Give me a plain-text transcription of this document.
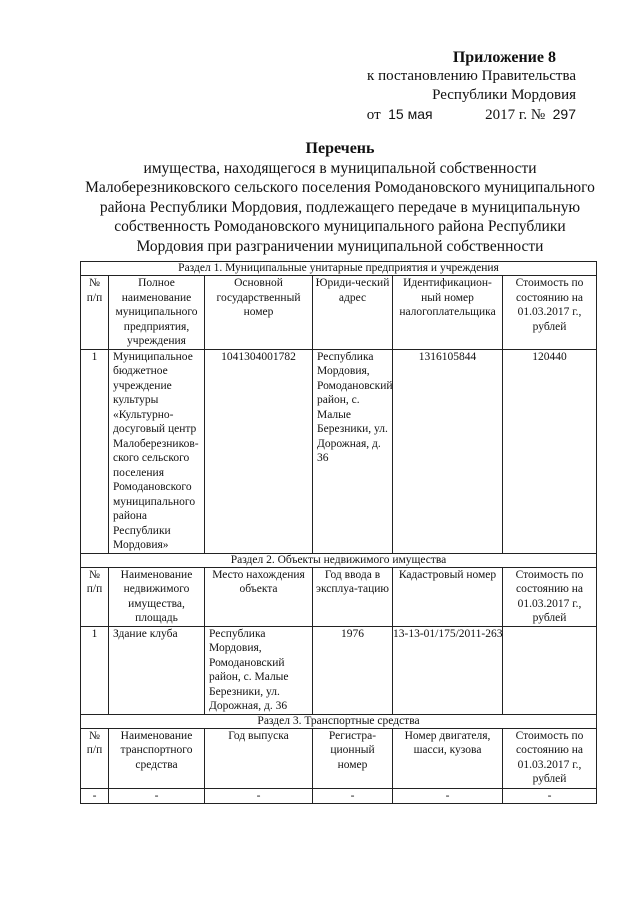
Приложение 8
к постановлению Правительства
Республики Мордовия
от 15 мая	2017 г. № 297
Перечень
имущества, находящегося в муниципальной собственности
Малоберезниковского сельского поселения Ромодановского муниципального
района Республики Мордовия, подлежащего передаче в муниципальную
собственность Ромодановского муниципального района Республики
Мордовия при разграничении муниципальной собственности
Раздел 1. Муниципальные унитарные предприятия и учреждения					
№ п/п	Полное наименование муниципального предприятия, учреждения	Основной государственный номер	Юриди-ческий адрес	Идентификацион-ный номер налогоплательщика	Стоимость по состоянию на 01.03.2017 г., рублей
1	Муниципальное бюджетное учреждение культуры «Культурно-досуговый центр Малоберезников-ского сельского поселения Ромодановского муниципального района Республики Мордовия»	1041304001782	Республика Мордовия, Ромодановский район, с. Малые Березники, ул. Дорожная, д. 36	1316105844	120440
Раздел 2. Объекты недвижимого имущества					
№ п/п	Наименование недвижимого имущества, площадь	Место нахождения объекта	Год ввода в эксплуа-тацию	Кадастровый номер	Стоимость по состоянию на 01.03.2017 г., рублей
1	Здание клуба	Республика Мордовия, Ромодановский район, с. Малые Березники, ул. Дорожная, д. 36	1976	13-13-01/175/2011-263	
Раздел 3. Транспортные средства					
№ п/п	Наименование транспортного средства	Год выпуска	Регистра-ционный номер	Номер двигателя, шасси, кузова	Стоимость по состоянию на 01.03.2017 г., рублей
-	-	-	-	-	-
